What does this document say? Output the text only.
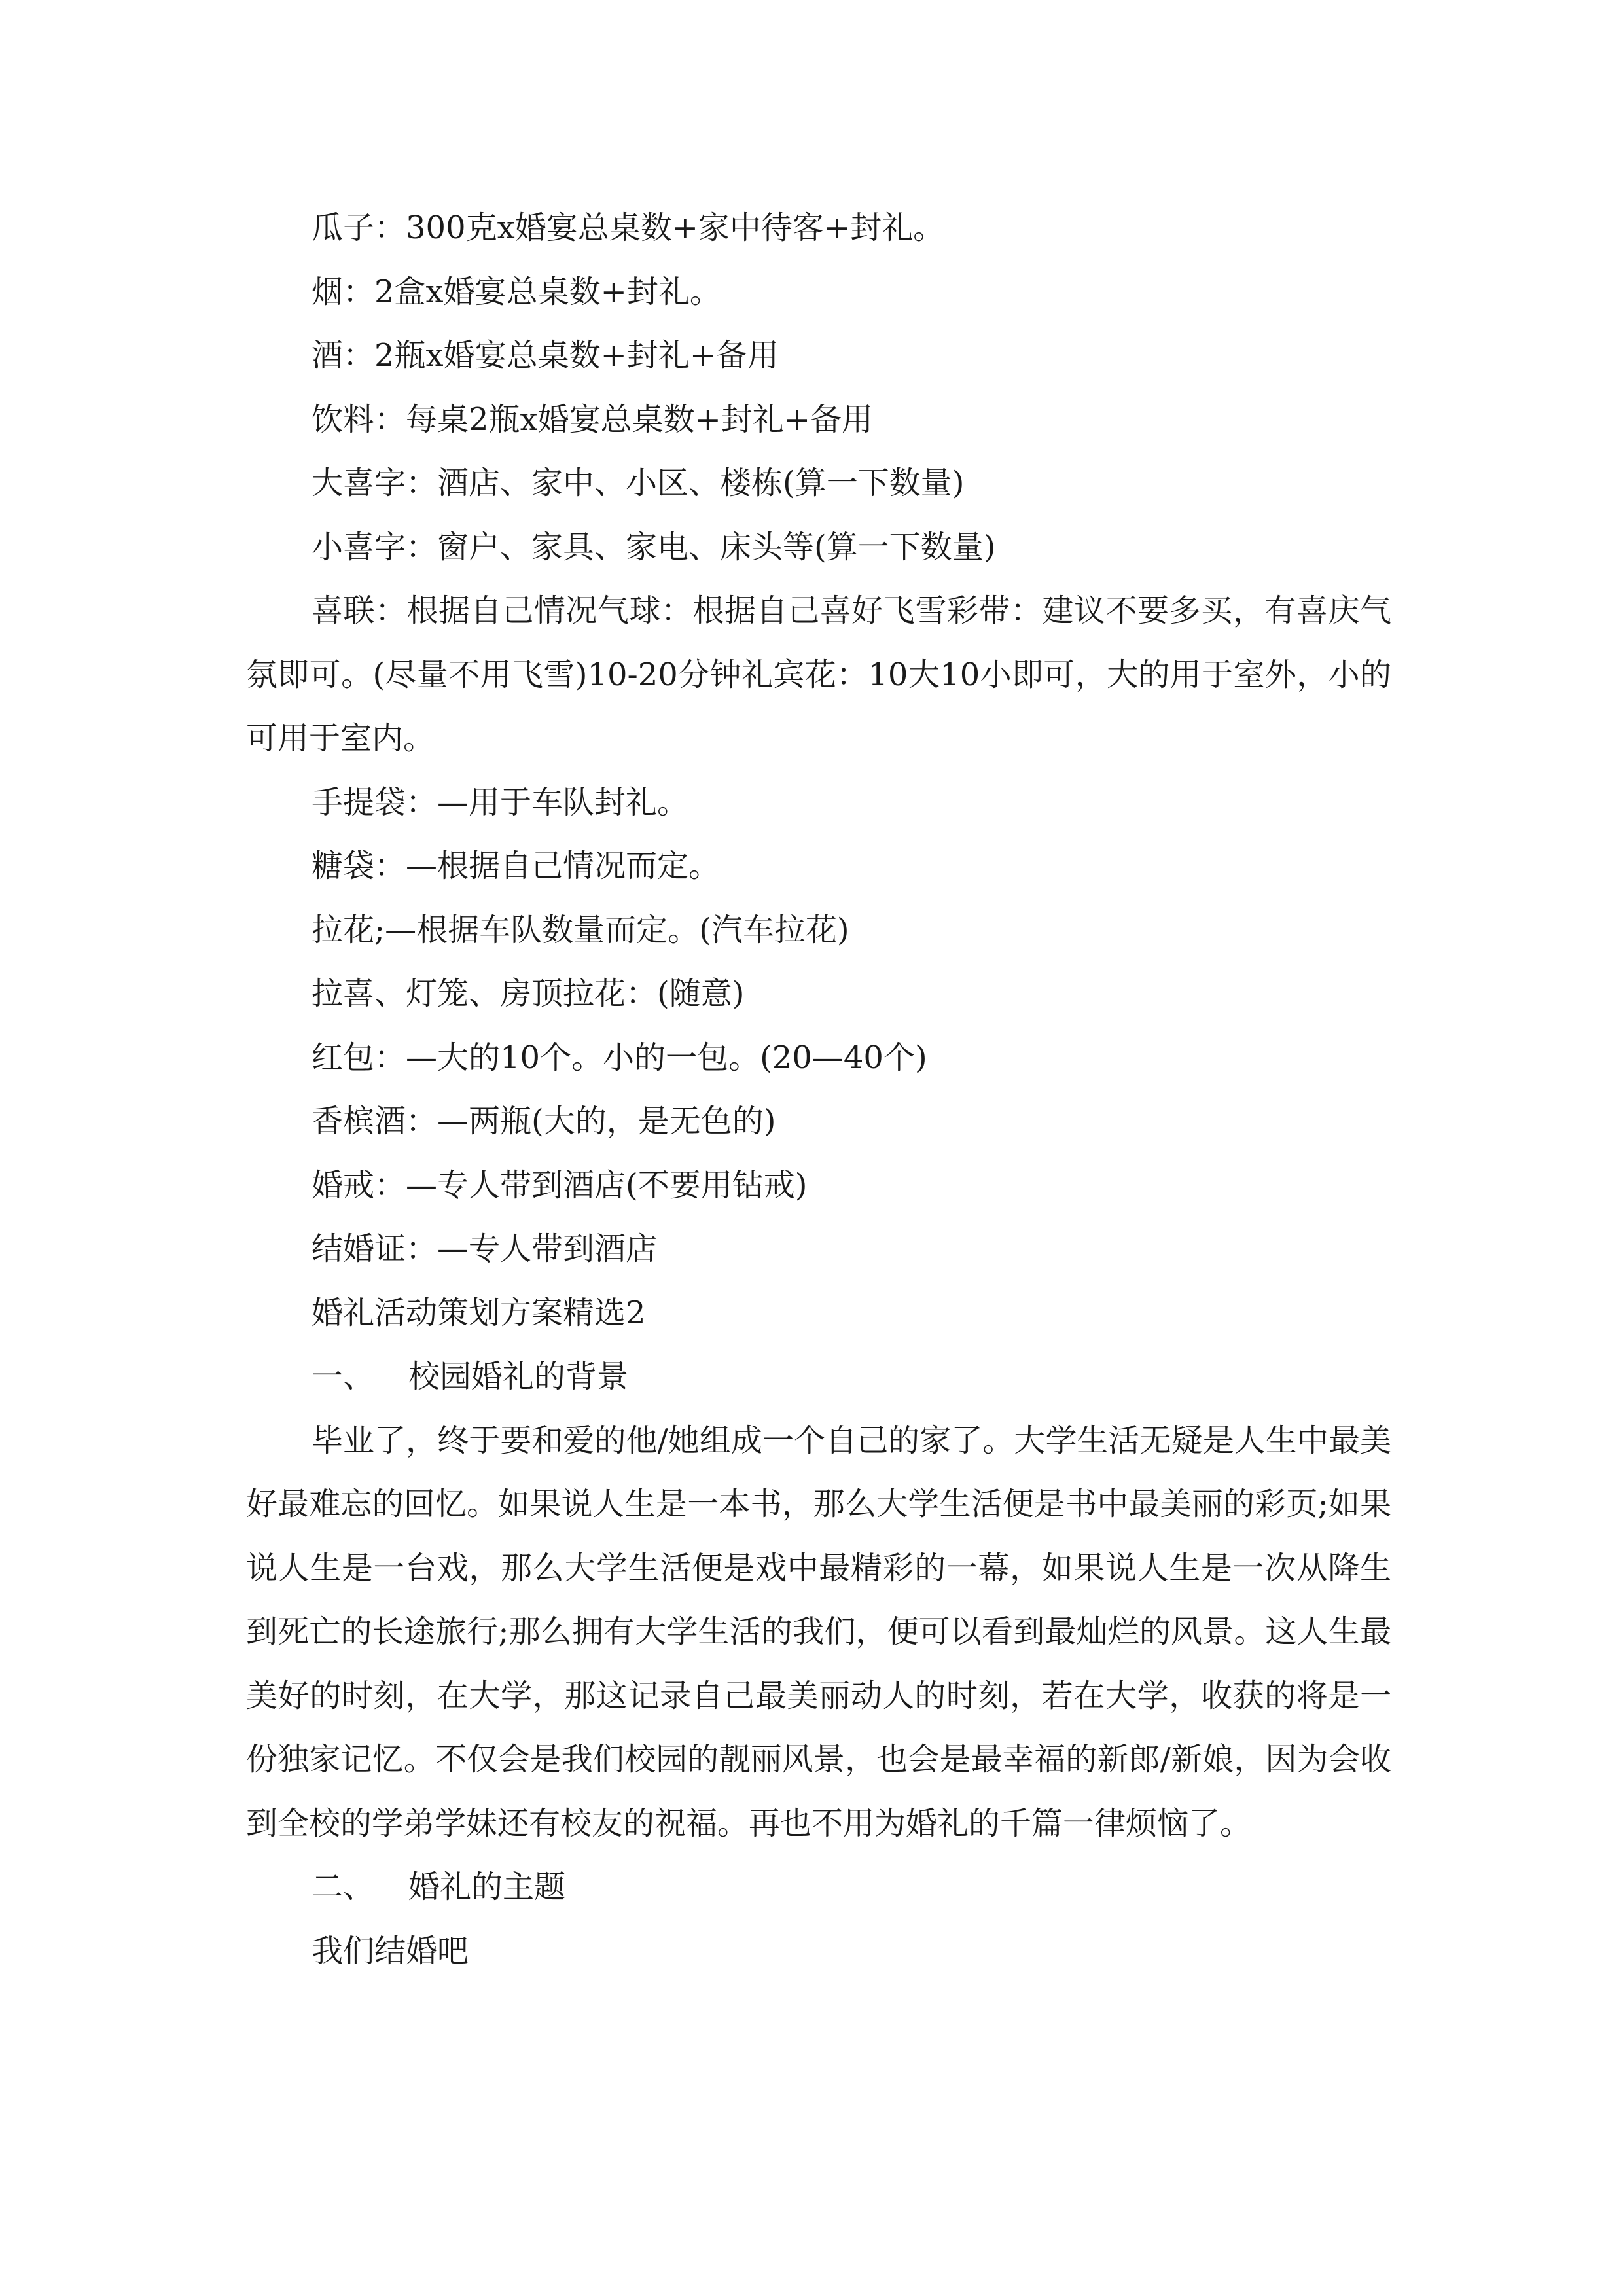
瓜子：300克x婚宴总桌数+家中待客+封礼。
烟：2盒x婚宴总桌数+封礼。
酒：2瓶x婚宴总桌数+封礼+备用
饮料：每桌2瓶x婚宴总桌数+封礼+备用
大喜字：酒店、家中、小区、楼栋(算一下数量)
小喜字：窗户、家具、家电、床头等(算一下数量)

喜联：根据自己情况气球：根据自己喜好飞雪彩带：建议不要多买，有喜庆气氛即可。(尽量不用飞雪)10-20分钟礼宾花：10大10小即可，大的用于室外，小的可用于室内。

手提袋：—用于车队封礼。
糖袋：—根据自己情况而定。
拉花;—根据车队数量而定。(汽车拉花)
拉喜、灯笼、房顶拉花：(随意)
红包：—大的10个。小的一包。(20—40个)
香槟酒：—两瓶(大的，是无色的)
婚戒：—专人带到酒店(不要用钻戒)
结婚证：—专人带到酒店
婚礼活动策划方案精选2
一、 校园婚礼的背景

毕业了，终于要和爱的他/她组成一个自己的家了。大学生活无疑是人生中最美好最难忘的回忆。如果说人生是一本书，那么大学生活便是书中最美丽的彩页;如果说人生是一台戏，那么大学生活便是戏中最精彩的一幕，如果说人生是一次从降生到死亡的长途旅行;那么拥有大学生活的我们，便可以看到最灿烂的风景。这人生最美好的时刻，在大学，那这记录自己最美丽动人的时刻，若在大学，收获的将是一份独家记忆。不仅会是我们校园的靓丽风景，也会是最幸福的新郎/新娘，因为会收到全校的学弟学妹还有校友的祝福。再也不用为婚礼的千篇一律烦恼了。

二、 婚礼的主题
我们结婚吧
